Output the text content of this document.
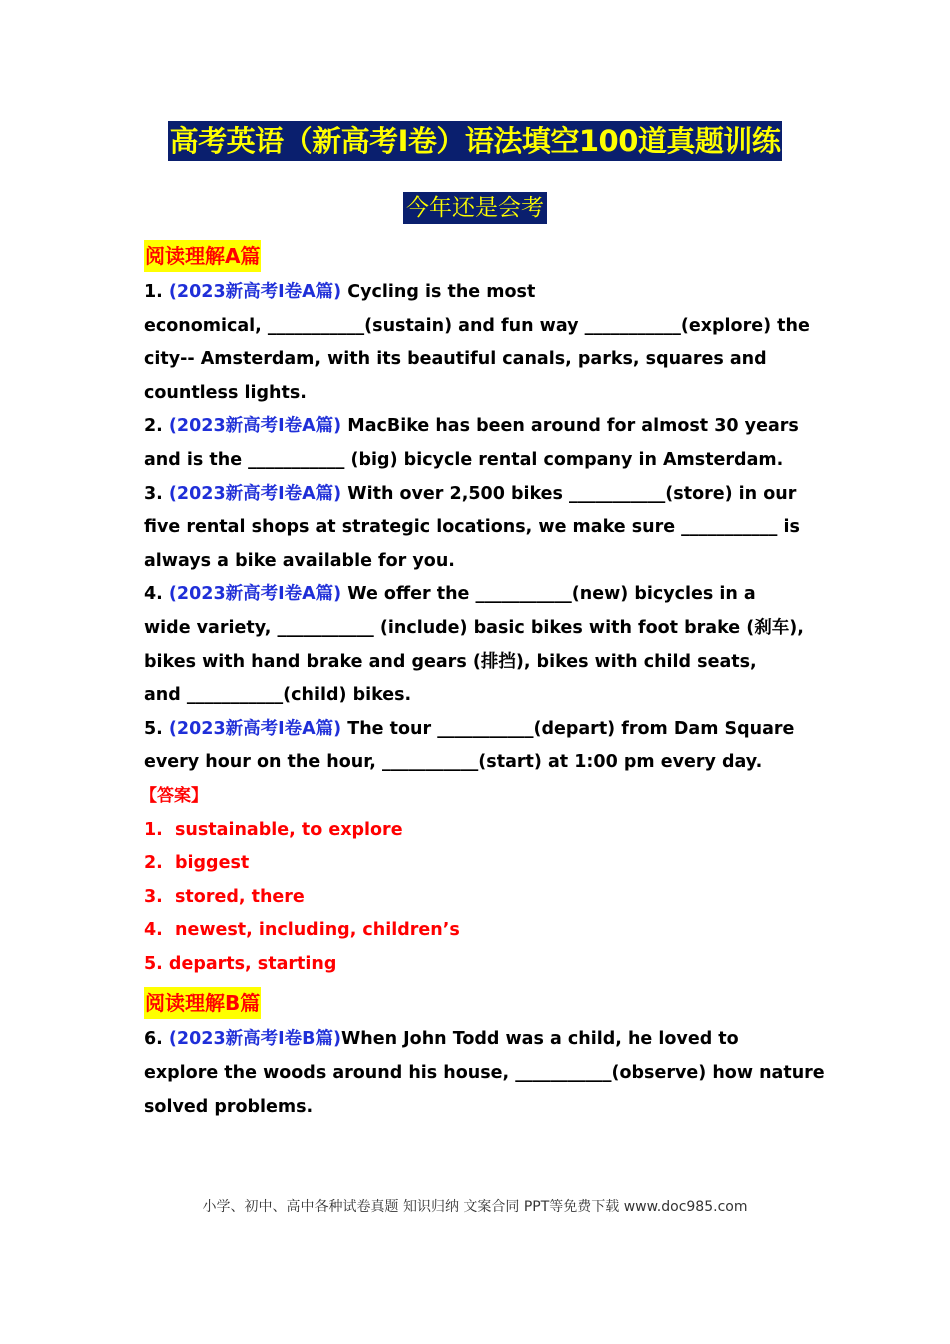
高考英语（新高考Ⅰ卷）语法填空100道真题训练
今年还是会考
阅读理解A篇

1. (2023新高考Ⅰ卷A篇) Cycling is the most

economical, ___________(sustain) and fun way ___________(explore) the

city-- Amsterdam, with its beautiful canals, parks, squares and

countless lights.

2. (2023新高考Ⅰ卷A篇) MacBike has been around for almost 30 years

and is the ___________ (big) bicycle rental company in Amsterdam.

3. (2023新高考Ⅰ卷A篇) With over 2,500 bikes ___________(store) in our

five rental shops at strategic locations, we make sure ___________ is

always a bike available for you.

4. (2023新高考Ⅰ卷A篇) We offer the ___________(new) bicycles in a

wide variety, ___________ (include) basic bikes with foot brake (刹车),

bikes with hand brake and gears (排挡), bikes with child seats,

and ___________(child) bikes.

5. (2023新高考Ⅰ卷A篇) The tour ___________(depart) from Dam Square

every hour on the hour, ___________(start) at 1:00 pm every day.

【答案】

1.  sustainable, to explore

2.  biggest

3.  stored, there

4.  newest, including, children’s

5. departs, starting

阅读理解B篇

6. (2023新高考Ⅰ卷B篇)When John Todd was a child, he loved to

explore the woods around his house, ___________(observe) how nature

solved problems.

小学、初中、高中各种试卷真题 知识归纳 文案合同 PPT等免费下载 www.doc985.com
